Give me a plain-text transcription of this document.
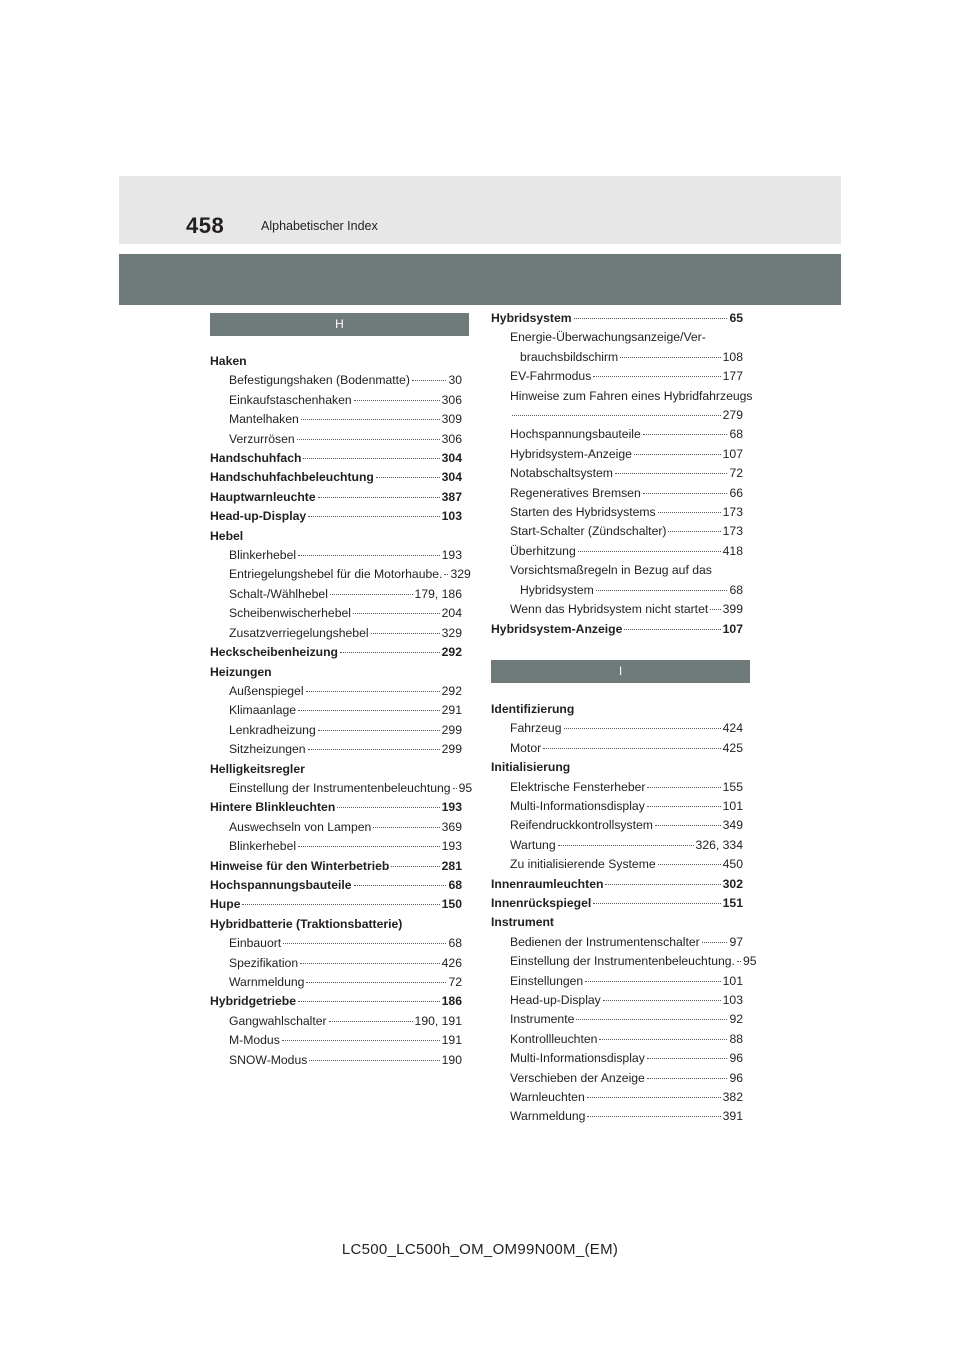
458	Alphabetischer Index
H
Haken
Befestigungshaken (Bodenmatte)	30
Einkaufstaschenhaken	306
Mantelhaken	309
Verzurrösen	306
Handschuhfach	304
Handschuhfachbeleuchtung	304
Hauptwarnleuchte	387
Head-up-Display	103
Hebel
Blinkerhebel	193
Entriegelungshebel für die Motorhaube. 329
Schalt-/Wählhebel	179, 186
Scheibenwischerhebel	204
Zusatzverriegelungshebel	329
Heckscheibenheizung	292
Heizungen
Außenspiegel	292
Klimaanlage	291
Lenkradheizung	299
Sitzheizungen	299
Helligkeitsregler
Einstellung der Instrumentenbeleuchtung 95
Hintere Blinkleuchten	193
Auswechseln von Lampen	369
Blinkerhebel	193
Hinweise für den Winterbetrieb	281
Hochspannungsbauteile	68
Hupe	150
Hybridbatterie (Traktionsbatterie)
Einbauort	68
Spezifikation	426
Warnmeldung	72
Hybridgetriebe	186
Gangwahlschalter	190, 191
M-Modus	191
SNOW-Modus	190
Hybridsystem	65
Energie-Überwachungsanzeige/Ver-
brauchsbildschirm	108
EV-Fahrmodus	177
Hinweise zum Fahren eines Hybridfahrzeugs
279
Hochspannungsbauteile	68
Hybridsystem-Anzeige	107
Notabschaltsystem	72
Regeneratives Bremsen	66
Starten des Hybridsystems	173
Start-Schalter (Zündschalter)	173
Überhitzung	418
Vorsichtsmaßregeln in Bezug auf das
Hybridsystem	68
Wenn das Hybridsystem nicht startet 399
Hybridsystem-Anzeige	107
I
Identifizierung
Fahrzeug	424
Motor	425
Initialisierung
Elektrische Fensterheber	155
Multi-Informationsdisplay	101
Reifendruckkontrollsystem	349
Wartung	326, 334
Zu initialisierende Systeme	450
Innenraumleuchten	302
Innenrückspiegel	151
Instrument
Bedienen der Instrumentenschalter 97
Einstellung der Instrumentenbeleuchtung. 95
Einstellungen	101
Head-up-Display	103
Instrumente	92
Kontrollleuchten	88
Multi-Informationsdisplay	96
Verschieben der Anzeige	96
Warnleuchten	382
Warnmeldung	391
LC500_LC500h_OM_OM99N00M_(EM)
